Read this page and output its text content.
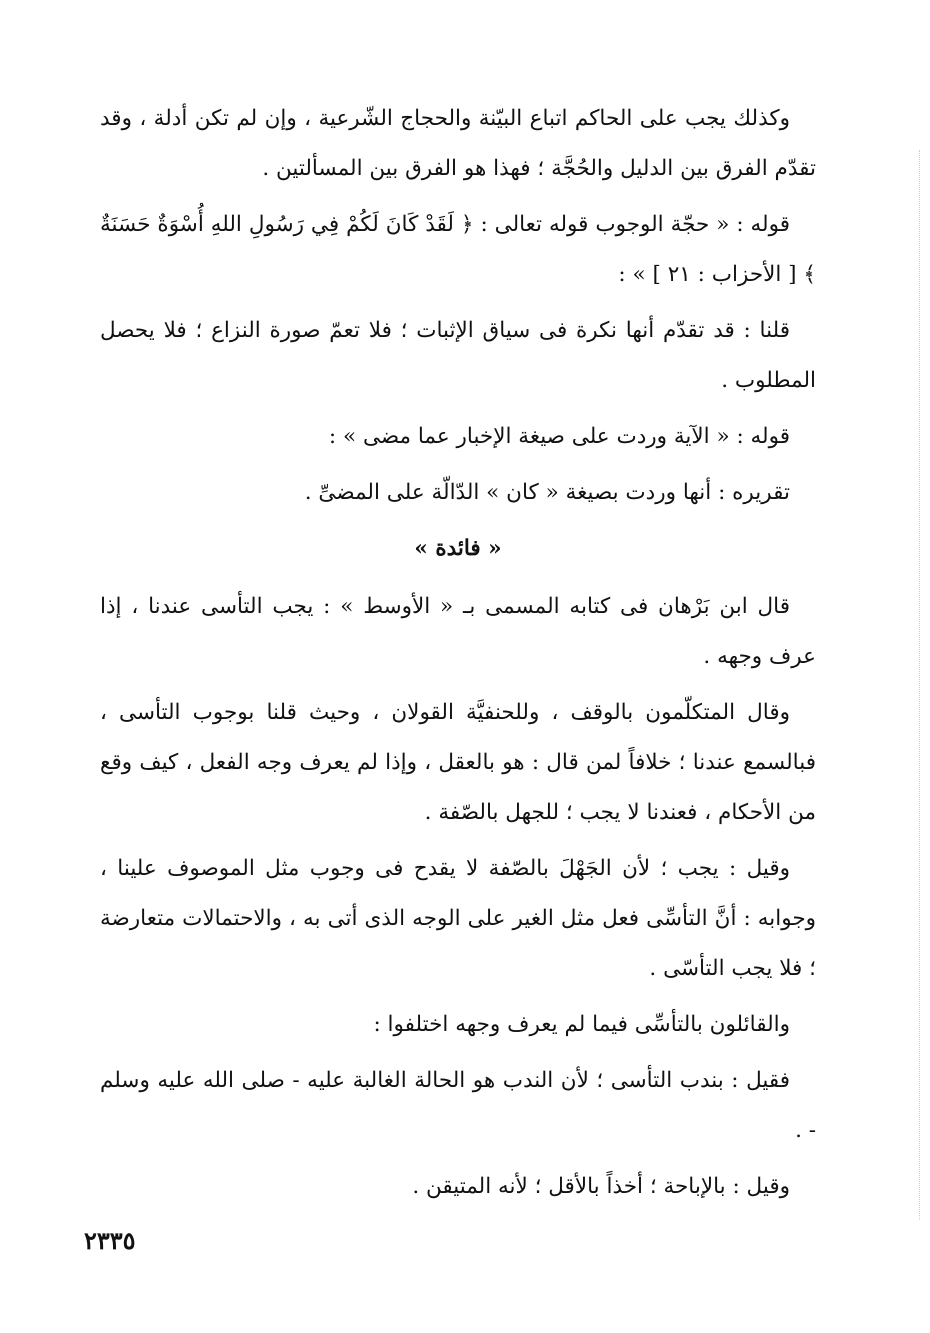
وكذلك يجب على الحاكم اتباع البيّنة والحجاج الشّرعية ، وإن لم تكن أدلة ، وقد تقدّم الفرق بين الدليل والحُجَّة ؛ فهذا هو الفرق بين المسألتين .

قوله : « حجّة الوجوب قوله تعالى : ﴿ لَقَدْ كَانَ لَكُمْ فِي رَسُولِ اللهِ أُسْوَةٌ حَسَنَةٌ ﴾ [ الأحزاب : ٢١ ] » :

قلنا : قد تقدّم أنها نكرة فى سياق الإثبات ؛ فلا تعمّ صورة النزاع ؛ فلا يحصل المطلوب .

قوله : « الآية وردت على صيغة الإخبار عما مضى » :

تقريره : أنها وردت بصيغة « كان » الدّالّة على المضىِّ .

« فائدة »

قال ابن بَرْهان فى كتابه المسمى بـ « الأوسط » : يجب التأسى عندنا ، إذا عرف وجهه .

وقال المتكلّمون بالوقف ، وللحنفيَّة القولان ، وحيث قلنا بوجوب التأسى ، فبالسمع عندنا ؛ خلافاً لمن قال : هو بالعقل ، وإذا لم يعرف وجه الفعل ، كيف وقع من الأحكام ، فعندنا لا يجب ؛ للجهل بالصّفة .

وقيل : يجب ؛ لأن الجَهْلَ بالصّفة لا يقدح فى وجوب مثل الموصوف علينا ، وجوابه : أنَّ التأسِّى فعل مثل الغير على الوجه الذى أتى به ، والاحتمالات متعارضة ؛ فلا يجب التأسّى .

والقائلون بالتأسِّى فيما لم يعرف وجهه اختلفوا :

فقيل : بندب التأسى ؛ لأن الندب هو الحالة الغالبة عليه - صلى الله عليه وسلم - .

وقيل : بالإباحة ؛ أخذاً بالأقل ؛ لأنه المتيقن .

٢٣٣٥
